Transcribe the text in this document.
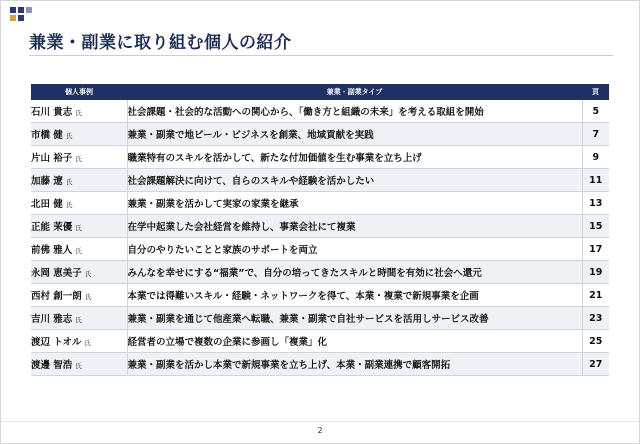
兼業・副業に取り組む個人の紹介
個人事例	兼業・副業タイプ	頁
石川 貴志 氏	社会課題・社会的な活動への関心から、「働き方と組織の未来」を考える取組を開始	5
市橋 健 氏	兼業・副業で地ビール・ビジネスを創業、地域貢献を実践	7
片山 裕子 氏	職業特有のスキルを活かして、新たな付加価値を生む事業を立ち上げ	9
加藤 遼 氏	社会課題解決に向けて、自らのスキルや経験を活かしたい	11
北田 健 氏	兼業・副業を活かして実家の家業を継承	13
正能 茉優 氏	在学中起業した会社経営を維持し、事業会社にて複業	15
前佛 雅人 氏	自分のやりたいことと家族のサポートを両立	17
永岡 恵美子 氏	みんなを幸せにする“福業”で、自分の培ってきたスキルと時間を有効に社会へ還元	19
西村 創一朗 氏	本業では得難いスキル・経験・ネットワークを得て、本業・複業で新規事業を企画	21
吉川 雅志 氏	兼業・副業を通じて他産業へ転職、兼業・副業で自社サービスを活用しサービス改善	23
渡辺 トオル 氏	経営者の立場で複数の企業に参画し「複業」化	25
渡邊 智浩 氏	兼業・副業を活かし本業で新規事業を立ち上げ、本業・副業連携で顧客開拓	27
2
